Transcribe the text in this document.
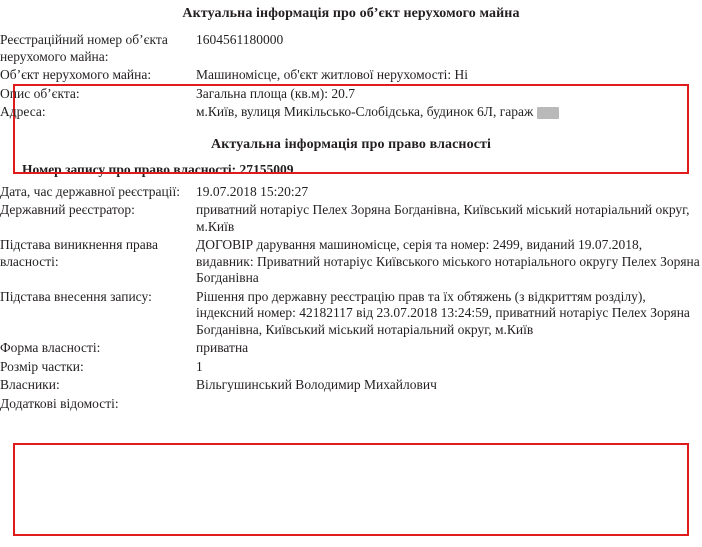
Актуальна інформація про об’єкт нерухомого майна
Реєстраційний номер об’єкта нерухомого майна:	1604561180000
Об’єкт нерухомого майна:	Машиномісце, об'єкт житлової нерухомості: Ні
Опис об’єкта:	Загальна площа (кв.м): 20.7
Адреса:	м.Київ, вулиця Микільсько-Слобідська, будинок 6Л, гараж
Актуальна інформація про право власності
Номер запису про право власності: 27155009
Дата, час державної реєстрації:	19.07.2018 15:20:27
Державний реєстратор:	приватний нотаріус Пелех Зоряна Богданівна, Київський міський нотаріальний округ, м.Київ
Підстава виникнення права власності:	ДОГОВІР дарування машиномісце, серія та номер: 2499, виданий 19.07.2018, видавник: Приватний нотаріус Київського міського нотаріального округу Пелех Зоряна Богданівна
Підстава внесення запису:	Рішення про державну реєстрацію прав та їх обтяжень (з відкриттям розділу), індексний номер: 42182117 від 23.07.2018 13:24:59, приватний нотаріус Пелех Зоряна Богданівна, Київський міський нотаріальний округ, м.Київ
Форма власності:	приватна
Розмір частки:	1
Власники:	Вільгушинський Володимир Михайлович
Додаткові відомості:	
